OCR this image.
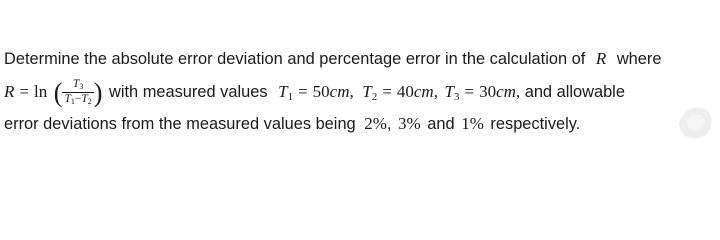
Determine the absolute error deviation and percentage error in the calculation of R where
R = ln ( $\frac{T_3}{T_1-T_2}$ ) with measured values $T_1 = 50cm$, $T_2 = 40cm$, $T_3 = 30cm$, and allowable
error deviations from the measured values being 2%, 3% and 1% respectively.
